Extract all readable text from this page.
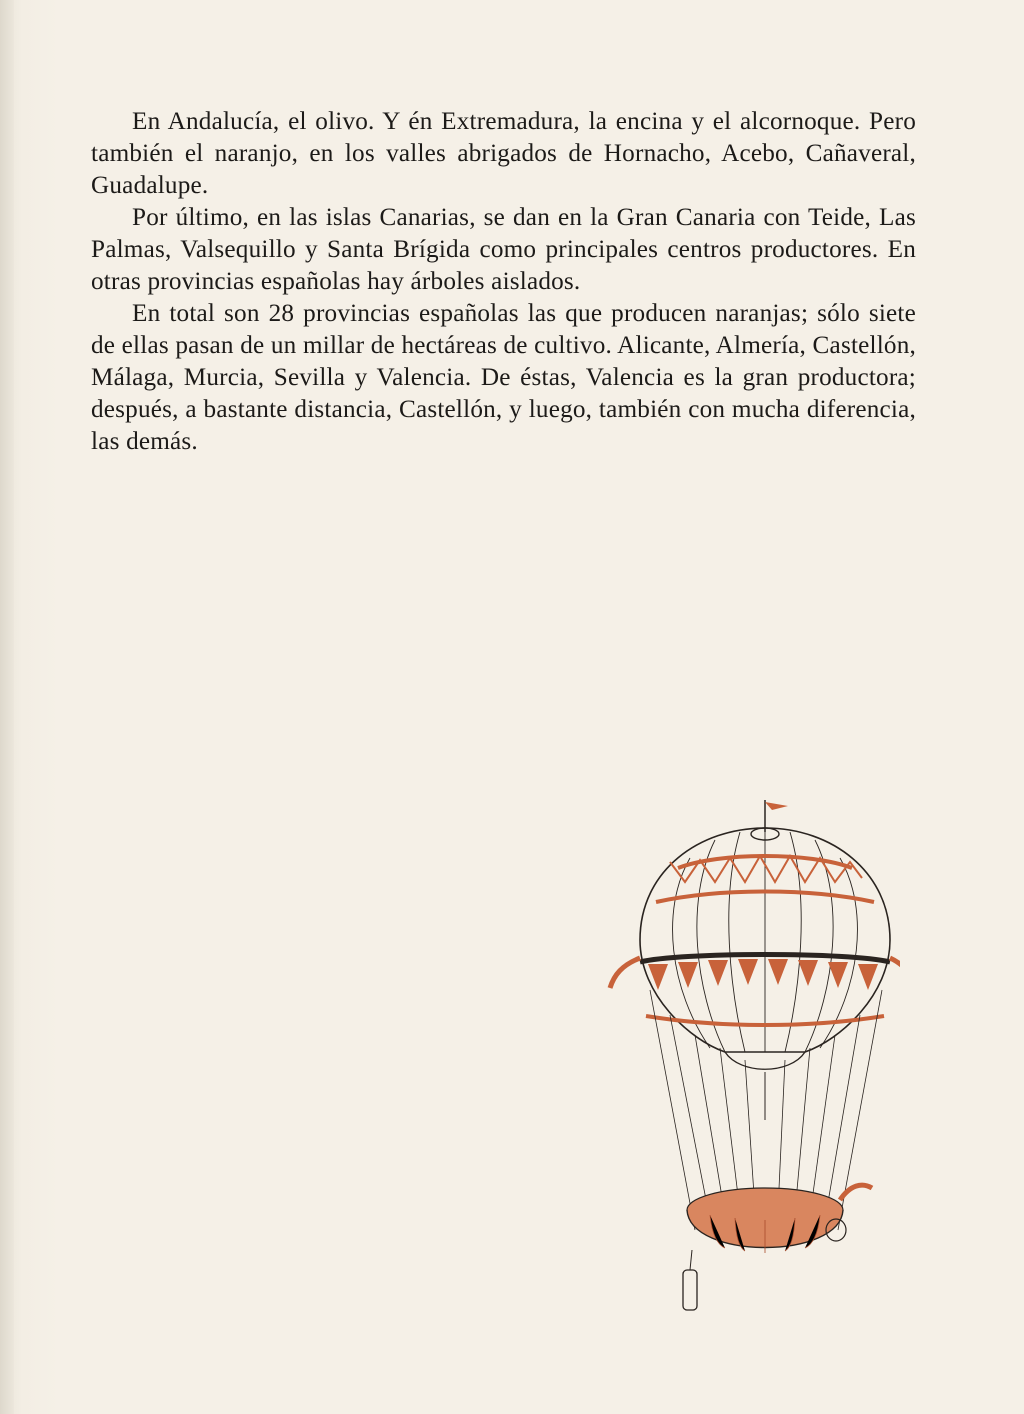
En Andalucía, el olivo. Y én Extremadura, la encina y el alcornoque. Pero también el naranjo, en los valles abrigados de Hornacho, Acebo, Cañaveral, Guadalupe.

Por último, en las islas Canarias, se dan en la Gran Canaria con Teide, Las Palmas, Valsequillo y Santa Brígida como principales centros productores. En otras provincias españolas hay árboles aislados.

En total son 28 provincias españolas las que producen naranjas; sólo siete de ellas pasan de un millar de hectáreas de cultivo. Alicante, Almería, Castellón, Málaga, Murcia, Sevilla y Valencia. De éstas, Valencia es la gran productora; después, a bastante distancia, Castellón, y luego, también con mucha diferencia, las demás.
